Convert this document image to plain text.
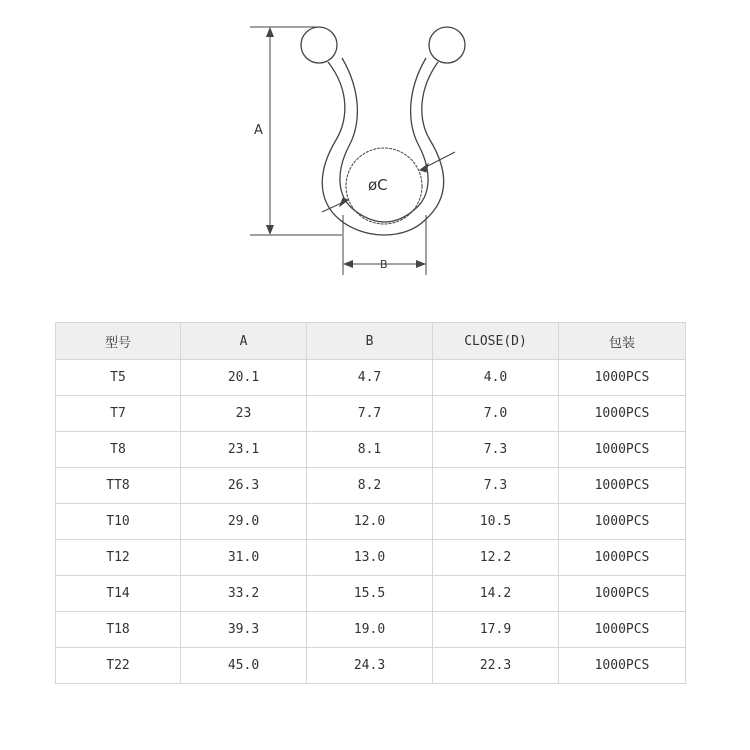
A
B
øC
型号	A	B	CLOSE(D)	包装
T5	20.1	4.7	4.0	1000PCS
T7	23	7.7	7.0	1000PCS
T8	23.1	8.1	7.3	1000PCS
TT8	26.3	8.2	7.3	1000PCS
T10	29.0	12.0	10.5	1000PCS
T12	31.0	13.0	12.2	1000PCS
T14	33.2	15.5	14.2	1000PCS
T18	39.3	19.0	17.9	1000PCS
T22	45.0	24.3	22.3	1000PCS
